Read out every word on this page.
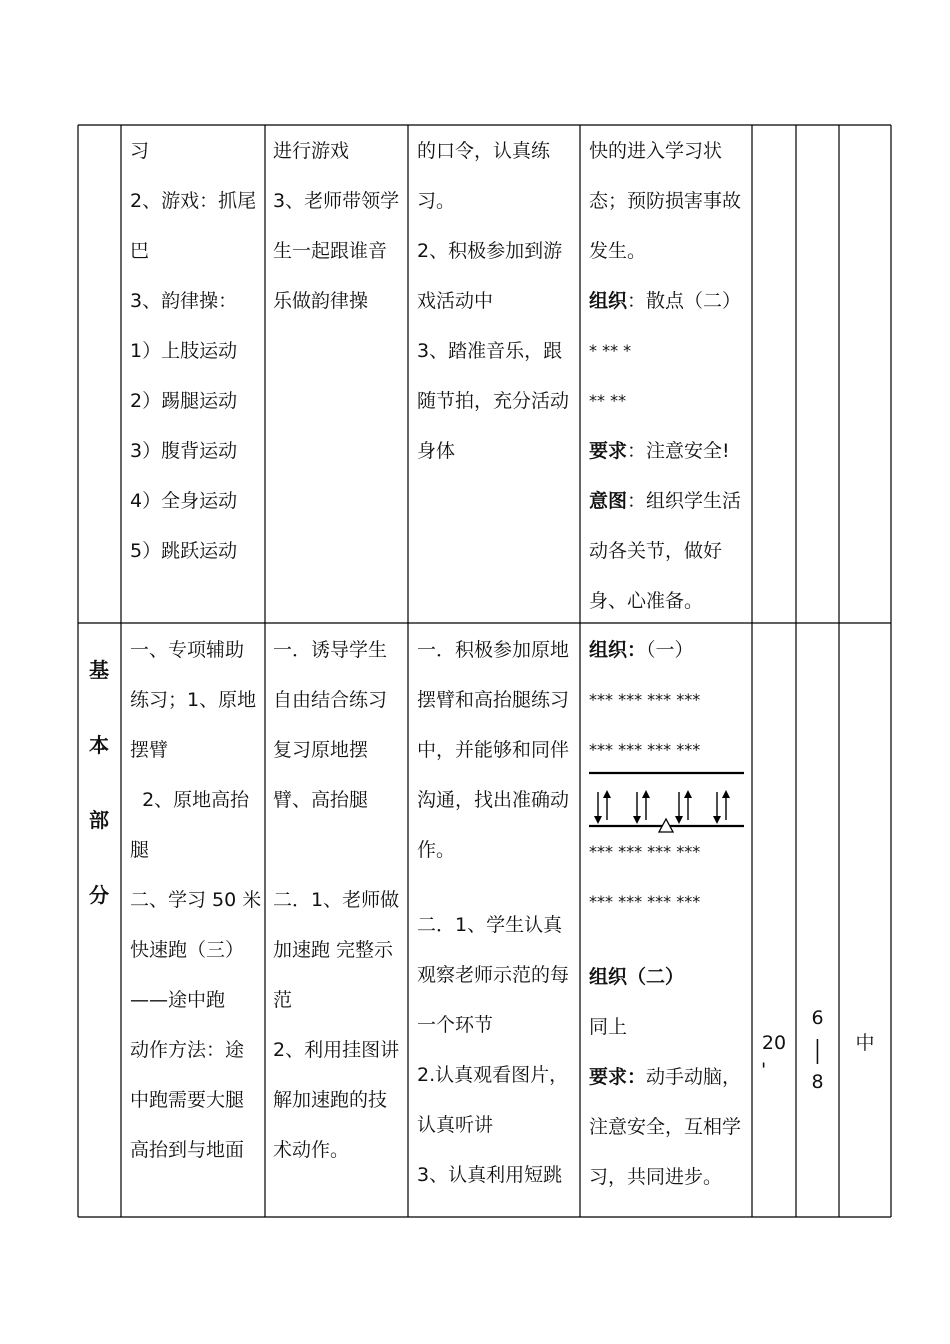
习
2、游戏：抓尾
巴
3、韵律操：
1）上肢运动
2）踢腿运动
3）腹背运动
4）全身运动
5）跳跃运动
进行游戏
3、老师带领学
生一起跟谁音
乐做韵律操
的口令，认真练
习。
2、积极参加到游
戏活动中
3、踏准音乐，跟
随节拍，充分活动
身体
快的进入学习状
态；预防损害事故
发生。
组织：散点（二）
* ** *
** **
要求：注意安全!
意图：组织学生活
动各关节，做好
身、心准备。
基
本
部
分
一、专项辅助
练习；1、原地
摆臂
2、原地高抬
腿
二、学习 50 米
快速跑（三）
——途中跑
动作方法：途
中跑需要大腿
高抬到与地面
一．诱导学生
自由结合练习
复习原地摆
臂、高抬腿

二．1、老师做
加速跑 完整示
范
2、利用挂图讲
解加速跑的技
术动作。
一．积极参加原地
摆臂和高抬腿练习
中，并能够和同伴
沟通，找出准确动
作。
二．1、学生认真
观察老师示范的每
一个环节
2.认真观看图片，
认真听讲
3、认真利用短跳
组织：（一）
*** *** *** ***
*** *** *** ***
*** *** *** ***
*** *** *** ***
组织（二）
同上
要求：动手动脑，
注意安全，互相学
习，共同进步。
20
'
6
|
8
中
